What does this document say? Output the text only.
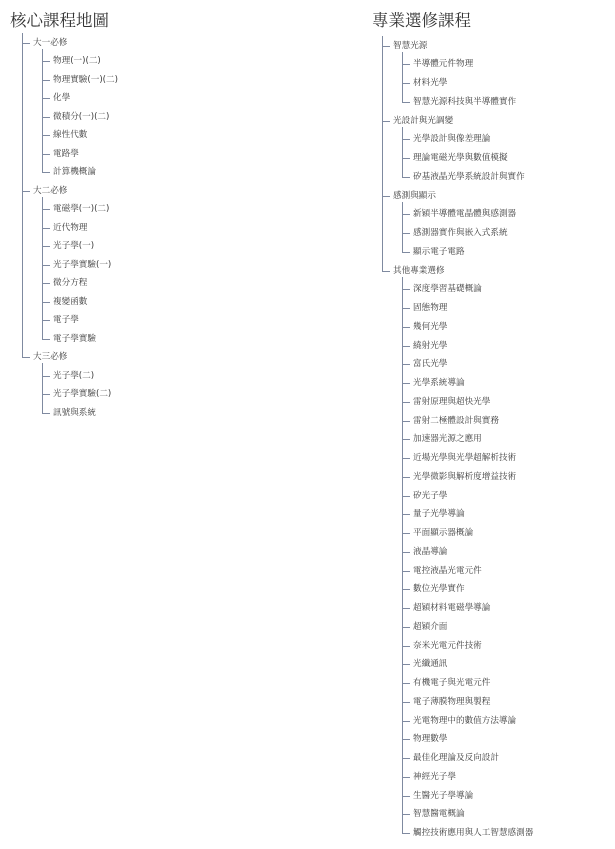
核心課程地圖
大一必修
物理(一)(二)
物理實驗(一)(二)
化學
微積分(一)(二)
線性代數
電路學
計算機概論
大二必修
電磁學(一)(二)
近代物理
光子學(一)
光子學實驗(一)
微分方程
複變函數
電子學
電子學實驗
大三必修
光子學(二)
光子學實驗(二)
訊號與系統
專業選修課程
智慧光源
半導體元件物理
材料光學
智慧光源科技與半導體實作
光設計與光調變
光學設計與像差理論
理論電磁光學與數值模擬
矽基液晶光學系統設計與實作
感測與顯示
新穎半導體電晶體與感測器
感測器實作與嵌入式系統
顯示電子電路
其他專業選修
深度學習基礎概論
固態物理
幾何光學
繞射光學
富氏光學
光學系統導論
雷射原理與超快光學
雷射二極體設計與實務
加速器光源之應用
近場光學與光學超解析技術
光學微影與解析度增益技術
矽光子學
量子光學導論
平面顯示器概論
液晶導論
電控液晶光電元件
數位光學實作
超穎材料電磁學導論
超穎介面
奈米光電元件技術
光纖通訊
有機電子與光電元件
電子薄膜物理與製程
光電物理中的數值方法導論
物理數學
最佳化理論及反向設計
神經光子學
生醫光子學導論
智慧醫電概論
觸控技術應用與人工智慧感測器
